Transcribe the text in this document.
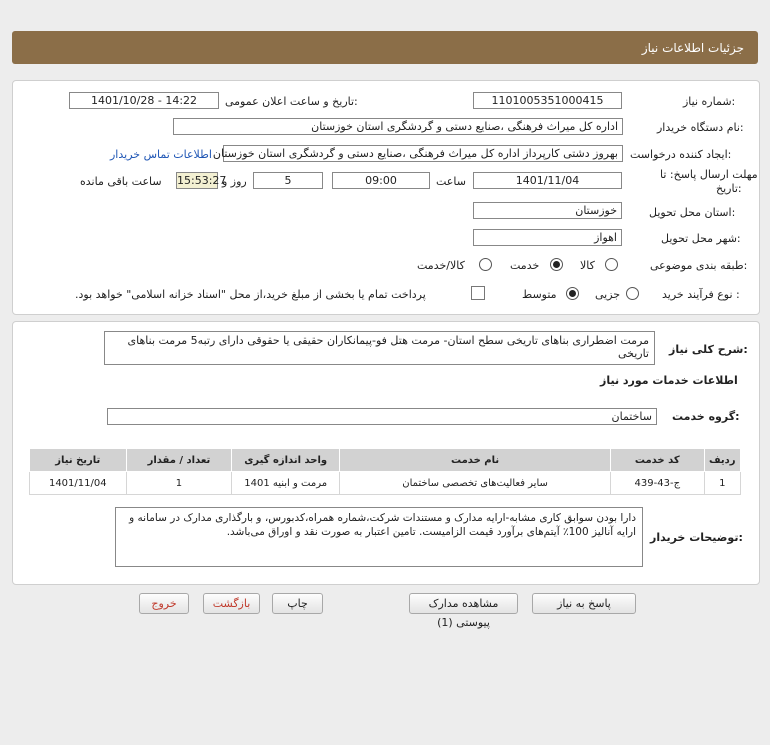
جزئیات اطلاعات نیاز
شماره نیاز:
1101005351000415
تاریخ و ساعت اعلان عمومی:
1401/10/28 - 14:22
نام دستگاه خریدار:
اداره کل میراث فرهنگی ،صنایع دستی و گردشگری استان خوزستان
ایجاد کننده درخواست:
بهروز دشتی کارپرداز اداره کل میراث فرهنگی ،صنایع دستی و گردشگری استان خوزستان
اطلاعات تماس خریدار
مهلت ارسال پاسخ: تا
تاریخ:
1401/11/04
ساعت
09:00
5
روز و
15:53:27
ساعت باقی مانده
استان محل تحویل:
خوزستان
شهر محل تحویل:
اهواز
طبقه بندی موضوعی:
کالا
خدمت
کالا/خدمت
نوع فرآیند خرید :
جزیی
متوسط
پرداخت تمام یا بخشی از مبلغ خرید،از محل "اسناد خزانه اسلامی" خواهد بود.
شرح کلی نیاز:
مرمت اضطراری بناهای تاریخی سطح استان- مرمت هتل فو-پیمانکاران حقیقی یا حقوقی دارای رتبه5 مرمت بناهای تاریخی
اطلاعات خدمات مورد نیاز
گروه خدمت:
ساختمان
ردیف	کد خدمت	نام خدمت	واحد اندازه گیری	تعداد / مقدار	تاریخ نیاز
1	ج-43-439	سایر فعالیت‌های تخصصی ساختمان	مرمت و ابنیه 1401	1	1401/11/04
توضیحات خریدار:
دارا بودن سوابق کاری مشابه-ارایه مدارک و مستندات شرکت،شماره همراه،کدبورس، و بارگذاری مدارک در سامانه و ارایه آنالیز 100٪ آیتم‌های برآورد قیمت الزامیست. تامین اعتبار به صورت نقد و اوراق می‌باشد.
پاسخ به نیاز
مشاهده مدارک پیوستی (1)
چاپ
بازگشت
خروج
